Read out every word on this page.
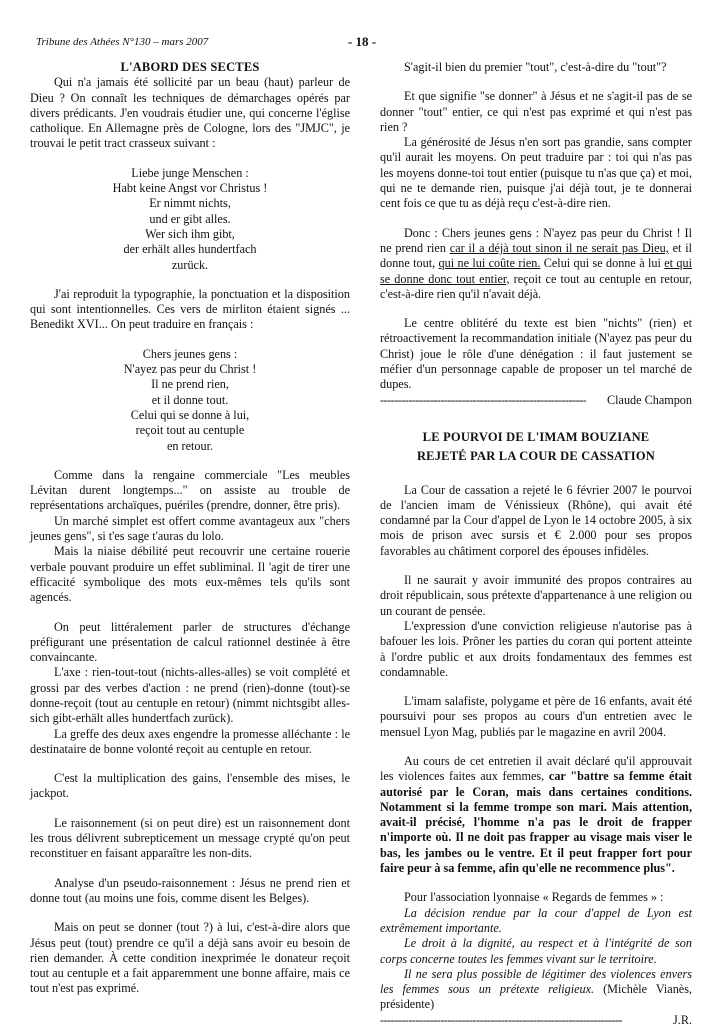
Tribune des Athées N°130 – mars 2007	- 18 -

L'ABORD DES SECTES

Qui n'a jamais été sollicité par un beau (haut) parleur de Dieu ? On connaît les techniques de démarchages opérés par divers prédicants. J'en voudrais étudier une, qui concerne l'église catholique. En Allemagne près de Cologne, lors des "JMJC", je trouvai le petit tract crasseux suivant :

Liebe junge Menschen :
Habt keine Angst vor Christus !
Er nimmt nichts,
und er gibt alles.
Wer sich ihm gibt,
der erhält alles hundertfach
zurück.

J'ai reproduit la typographie, la ponctuation et la disposition qui sont intentionnelles. Ces vers de mirliton étaient signés ... Benedikt XVI... On peut traduire en français :

Chers jeunes gens :
N'ayez pas peur du Christ !
Il ne prend rien,
et il donne tout.
Celui qui se donne à lui,
reçoit tout au centuple
en retour.

Comme dans la rengaine commerciale "Les meubles Lévitan durent longtemps..." on assiste au trouble de représentations archaïques, puériles (prendre, donner, être pris).

Un marché simplet est offert comme avantageux aux "chers jeunes gens", si t'es sage t'auras du lolo.

Mais la niaise débilité peut recouvrir une certaine rouerie verbale pouvant produire un effet subliminal. Il 'agit de tirer une efficacité symbolique des mots eux-mêmes tels qu'ils sont agencés.

On peut littéralement parler de structures d'échange préfigurant une présentation de calcul rationnel destinée à être convaincante.

L'axe : rien-tout-tout (nichts-alles-alles) se voit complété et grossi par des verbes d'action : ne prend (rien)-donne (tout)-se donne-reçoit (tout au centuple en retour) (nimmt nichtsgibt alles-sich gibt-erhält alles hundertfach zurück).

La greffe des deux axes engendre la promesse alléchante : le destinataire de bonne volonté reçoit au centuple en retour.

C'est la multiplication des gains, l'ensemble des mises, le jackpot.

Le raisonnement (si on peut dire) est un raisonnement dont les trous délivrent subrepticement un message crypté qu'on peut reconstituer en faisant apparaître les non-dits.

Analyse d'un pseudo-raisonnement : Jésus ne prend rien et donne tout (au moins une fois, comme disent les Belges).

Mais on peut se donner (tout ?) à lui, c'est-à-dire alors que Jésus peut (tout) prendre ce qu'il a déjà sans avoir eu besoin de rien demander. À cette condition inexprimée le donateur reçoit tout au centuple et a fait apparemment une bonne affaire, mais ce tout n'est pas exprimé.

S'agit-il bien du premier "tout", c'est-à-dire du "tout"?

Et que signifie "se donner" à Jésus et ne s'agit-il pas de se donner "tout" entier, ce qui n'est pas exprimé et qui n'est pas rien ?

La générosité de Jésus n'en sort pas grandie, sans compter qu'il aurait les moyens. On peut traduire par : toi qui n'as pas les moyens donne-toi tout entier (puisque tu n'as que ça) et moi, qui ne te demande rien, puisque j'ai déjà tout, je te donnerai cent fois ce que tu as déjà reçu c'est-à-dire rien.

Donc : Chers jeunes gens : N'ayez pas peur du Christ ! Il ne prend rien car il a déjà tout sinon il ne serait pas Dieu, et il donne tout, qui ne lui coûte rien. Celui qui se donne à lui et qui se donne donc tout entier, reçoit ce tout au centuple en retour, c'est-à-dire rien qu'il n'avait déjà.

Le centre oblitéré du texte est bien "nichts" (rien) et rétroactivement la recommandation initiale (N'ayez pas peur du Christ) joue le rôle d'une dénégation : il faut justement se méfier d'un personnage capable de proposer un tel marché de dupes.

---------------------------------------------------------- Claude Champon

LE POURVOI DE L'IMAM BOUZIANE

REJETÉ PAR LA COUR DE CASSATION

La Cour de cassation a rejeté le 6 février 2007 le pourvoi de l'ancien imam de Vénissieux (Rhône), qui avait été condamné par la Cour d'appel de Lyon le 14 octobre 2005, à six mois de prison avec sursis et € 2.000 pour ses propos favorables au châtiment corporel des épouses infidèles.

Il ne saurait y avoir immunité des propos contraires au droit républicain, sous prétexte d'appartenance à une religion ou un courant de pensée.

L'expression d'une conviction religieuse n'autorise pas à bafouer les lois. Prôner les parties du coran qui portent atteinte à l'ordre public et aux droits fondamentaux des femmes est condamnable.

L'imam salafiste, polygame et père de 16 enfants, avait été poursuivi pour ses propos au cours d'un entretien avec le mensuel Lyon Mag, publiés par le magazine en avril 2004.

Au cours de cet entretien il avait déclaré qu'il approuvait les violences faites aux femmes, car "battre sa femme était autorisé par le Coran, mais dans certaines conditions. Notamment si la femme trompe son mari. Mais attention, avait-il précisé, l'homme n'a pas le droit de frapper n'importe où. Il ne doit pas frapper au visage mais viser le bas, les jambes ou le ventre. Et il peut frapper fort pour faire peur à sa femme, afin qu'elle ne recommence plus".

Pour l'association lyonnaise « Regards de femmes » :

La décision rendue par la cour d'appel de Lyon est extrêmement importante.

Le droit à la dignité, au respect et à l'intégrité de son corps concerne toutes les femmes vivant sur le territoire.

Il ne sera plus possible de légitimer des violences envers les femmes sous un prétexte religieux. (Michèle Vianès, présidente)

--------------------------------------------------------------------	J.R.
